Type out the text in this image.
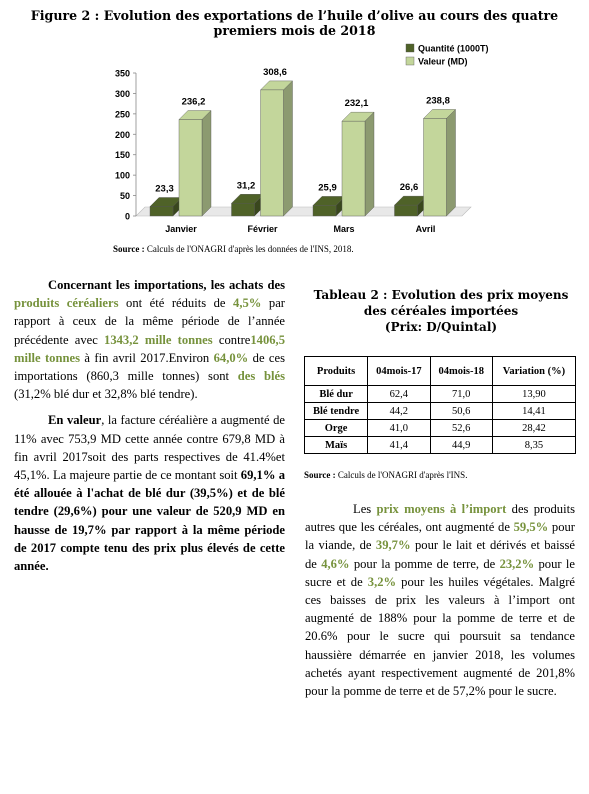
Figure 2 : Evolution des exportations de l’huile d’olive au cours des quatre premiers mois de 2018
0
50
100
150
200
250
300
350
23,3
236,2
Janvier
31,2
308,6
Février
25,9
232,1
Mars
26,6
238,8
Avril
Quantité (1000T)
Valeur (MD)
Source : Calculs de l'ONAGRI d'après les données de l'INS, 2018.

Concernant les importations, les achats des produits céréaliers ont été réduits de 4,5% par rapport à ceux de la même période de l’année précédente avec 1343,2 mille tonnes contre1406,5 mille tonnes à fin avril 2017.Environ 64,0% de ces importations (860,3 mille tonnes) sont des blés (31,2% blé dur et 32,8% blé tendre).

En valeur, la facture céréalière a augmenté de 11% avec 753,9 MD cette année contre 679,8 MD à fin avril 2017soit des parts respectives de 41.4%et 45,1%. La majeure partie de ce montant soit 69,1% a été allouée à l'achat de blé dur (39,5%) et de blé tendre (29,6%) pour une valeur de 520,9 MD en hausse de 19,7% par rapport à la même période de 2017 compte tenu des prix plus élevés de cette année.

Tableau 2 : Evolution des prix moyens des céréales importées
(Prix: D/Quintal)
Produits	04mois-17	04mois-18	Variation (%)
Blé dur	62,4	71,0	13,90
Blé tendre	44,2	50,6	14,41
Orge	41,0	52,6	28,42
Maïs	41,4	44,9	8,35
Source : Calculs de l'ONAGRI d'après l'INS.

Les prix moyens à l’import des produits autres que les céréales, ont augmenté de 59,5% pour la viande, de 39,7% pour le lait et dérivés et baissé de 4,6% pour la pomme de terre, de 23,2% pour le sucre et de 3,2% pour les huiles végétales. Malgré ces baisses de prix les valeurs à l’import ont augmenté de 188% pour la pomme de terre et de 20.6% pour le sucre qui poursuit sa tendance haussière démarrée en janvier 2018, les volumes achetés ayant respectivement augmenté de 201,8% pour la pomme de terre et de 57,2% pour le sucre.
